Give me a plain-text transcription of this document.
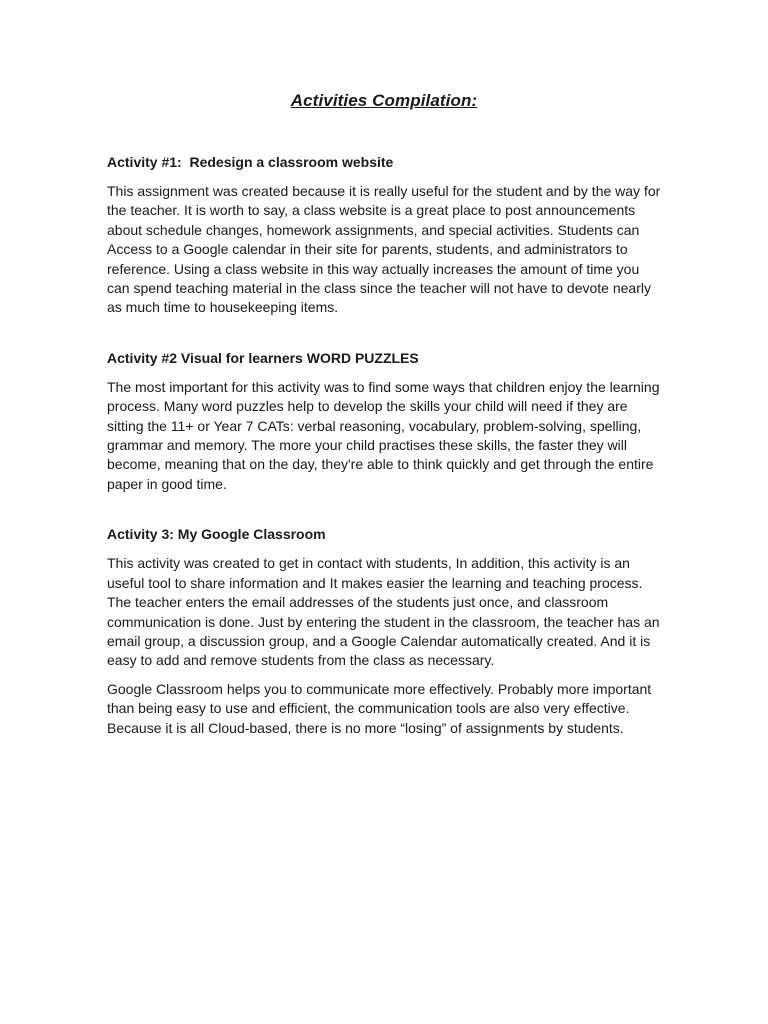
Activities Compilation:

Activity #1:  Redesign a classroom website

This assignment was created because it is really useful for the student and by the way for the teacher. It is worth to say, a class website is a great place to post announcements about schedule changes, homework assignments, and special activities. Students can Access to a Google calendar in their site for parents, students, and administrators to reference. Using a class website in this way actually increases the amount of time you can spend teaching material in the class since the teacher will not have to devote nearly as much time to housekeeping items.

Activity #2 Visual for learners WORD PUZZLES

The most important for this activity was to find some ways that children enjoy the learning process. Many word puzzles help to develop the skills your child will need if they are sitting the 11+ or Year 7 CATs: verbal reasoning, vocabulary, problem-solving, spelling, grammar and memory. The more your child practises these skills, the faster they will become, meaning that on the day, they're able to think quickly and get through the entire paper in good time.

Activity 3: My Google Classroom

This activity was created to get in contact with students, In addition, this activity is an useful tool to share information and It makes easier the learning and teaching process. The teacher enters the email addresses of the students just once, and classroom communication is done. Just by entering the student in the classroom, the teacher has an email group, a discussion group, and a Google Calendar automatically created. And it is easy to add and remove students from the class as necessary.

Google Classroom helps you to communicate more effectively. Probably more important than being easy to use and efficient, the communication tools are also very effective. Because it is all Cloud-based, there is no more “losing” of assignments by students.
